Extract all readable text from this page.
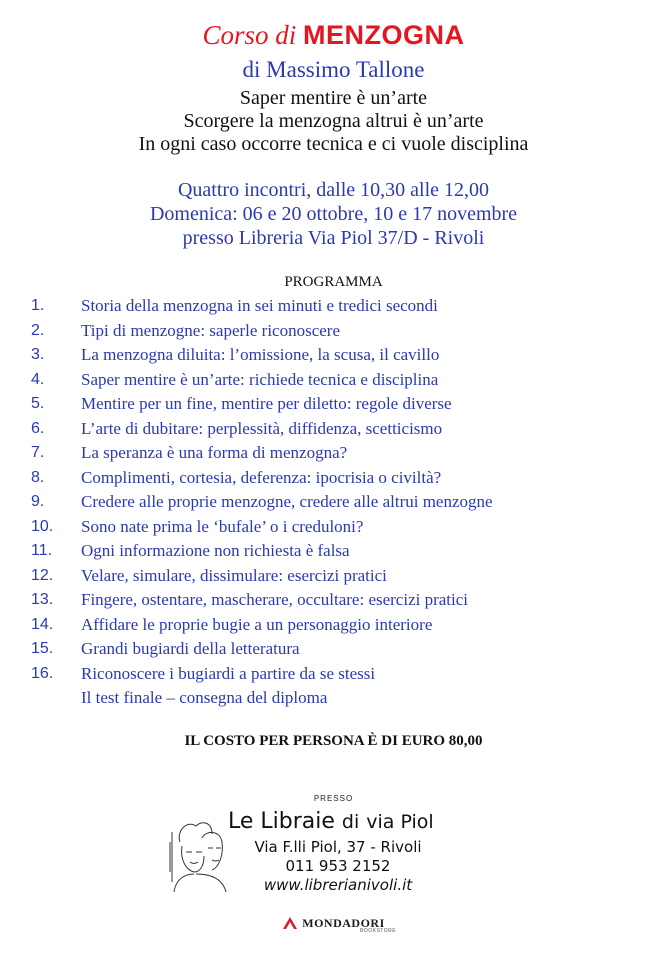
Corso di MENZOGNA
di Massimo Tallone
Saper mentire è un’arte
Scorgere la menzogna altrui è un’arte
In ogni caso occorre tecnica e ci vuole disciplina
Quattro incontri, dalle 10,30 alle 12,00
Domenica: 06 e 20 ottobre, 10 e 17 novembre
presso Libreria Via Piol 37/D - Rivoli
PROGRAMMA
1.	Storia della menzogna in sei minuti e tredici secondi
2.	Tipi di menzogne: saperle riconoscere
3.	La menzogna diluita: l’omissione, la scusa, il cavillo
4.	Saper mentire è un’arte: richiede tecnica e disciplina
5.	Mentire per un fine, mentire per diletto: regole diverse
6.	L’arte di dubitare: perplessità, diffidenza, scetticismo
7.	La speranza è una forma di menzogna?
8.	Complimenti, cortesia, deferenza: ipocrisia o civiltà?
9.	Credere alle proprie menzogne, credere alle altrui menzogne
10.	Sono nate prima le ‘bufale’ o i creduloni?
11.	Ogni informazione non richiesta è falsa
12.	Velare, simulare, dissimulare: esercizi pratici
13.	Fingere, ostentare, mascherare, occultare: esercizi pratici
14.	Affidare le proprie bugie a un personaggio interiore
15.	Grandi bugiardi della letteratura
16.	Riconoscere i bugiardi a partire da se stessi
Il test finale – consegna del diploma
IL COSTO PER PERSONA È DI EURO 80,00
PRESSO
Le Libraie di via Piol
Via F.lli Piol, 37 - Rivoli
011 953 2152
www.librerianivoli.it
MONDADORI
BOOKSTORE
